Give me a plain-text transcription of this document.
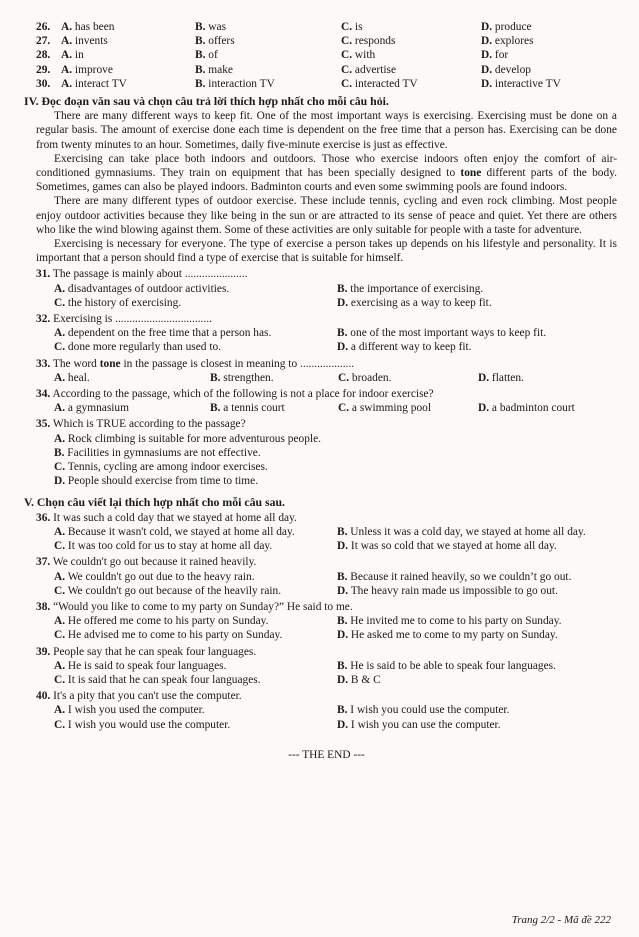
26. A. has been	B. was	C. is	D. produce
27. A. invents	B. offers	C. responds	D. explores
28. A. in	B. of	C. with	D. for
29. A. improve	B. make	C. advertise	D. develop
30. A. interact TV	B. interaction TV	C. interacted TV	D. interactive TV
IV. Đọc đoạn văn sau và chọn câu trả lời thích hợp nhất cho mỗi câu hỏi.

There are many different ways to keep fit. One of the most important ways is exercising. Exercising must be done on a regular basis. The amount of exercise done each time is dependent on the free time that a person has. Exercising can be done from twenty minutes to an hour. Sometimes, daily five-minute exercise is just as effective.

Exercising can take place both indoors and outdoors. Those who exercise indoors often enjoy the comfort of air-conditioned gymnasiums. They train on equipment that has been specially designed to tone different parts of the body. Sometimes, games can also be played indoors. Badminton courts and even some swimming pools are found indoors.

There are many different types of outdoor exercise. These include tennis, cycling and even rock climbing. Most people enjoy outdoor activities because they like being in the sun or are attracted to its sense of peace and quiet. Yet there are others who like the wind blowing against them. Some of these activities are only suitable for people with a taste for adventure.

Exercising is necessary for everyone. The type of exercise a person takes up depends on his lifestyle and personality. It is important that a person should find a type of exercise that is suitable for himself.

31. The passage is mainly about ......................
A. disadvantages of outdoor activities.	B. the importance of exercising.
C. the history of exercising.	D. exercising as a way to keep fit.
32. Exercising is ..................................
A. dependent on the free time that a person has.	B. one of the most important ways to keep fit.
C. done more regularly than used to.	D. a different way to keep fit.
33. The word tone in the passage is closest in meaning to ...................
A. heal.	B. strengthen.	C. broaden.	D. flatten.
34. According to the passage, which of the following is not a place for indoor exercise?
A. a gymnasium	B. a tennis court	C. a swimming pool	D. a badminton court
35. Which is TRUE according to the passage?
A. Rock climbing is suitable for more adventurous people.
B. Facilities in gymnasiums are not effective.
C. Tennis, cycling are among indoor exercises.
D. People should exercise from time to time.
V. Chọn câu viết lại thích hợp nhất cho mỗi câu sau.
36. It was such a cold day that we stayed at home all day.
A. Because it wasn't cold, we stayed at home all day.	B. Unless it was a cold day, we stayed at home all day.
C. It was too cold for us to stay at home all day.	D. It was so cold that we stayed at home all day.
37. We couldn't go out because it rained heavily.
A. We couldn't go out due to the heavy rain.	B. Because it rained heavily, so we couldn’t go out.
C. We couldn't go out because of the heavily rain.	D. The heavy rain made us impossible to go out.
38. “Would you like to come to my party on Sunday?” He said to me.
A. He offered me come to his party on Sunday.	B. He invited me to come to his party on Sunday.
C. He advised me to come to his party on Sunday.	D. He asked me to come to my party on Sunday.
39. People say that he can speak four languages.
A. He is said to speak four languages.	B. He is said to be able to speak four languages.
C. It is said that he can speak four languages.	D. B & C
40. It's a pity that you can't use the computer.
A. I wish you used the computer.	B. I wish you could use the computer.
C. I wish you would use the computer.	D. I wish you can use the computer.
--- THE END ---
Trang 2/2 - Mã đề 222
